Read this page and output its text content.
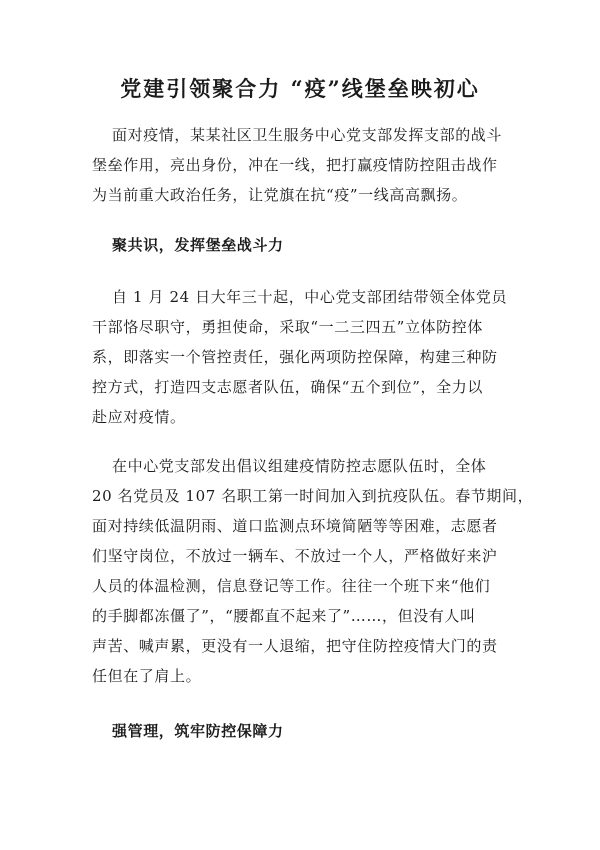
党建引领聚合力 “疫”线堡垒映初心

面对疫情，某某社区卫生服务中心党支部发挥支部的战斗
堡垒作用，亮出身份，冲在一线，把打赢疫情防控阻击战作
为当前重大政治任务，让党旗在抗“疫”一线高高飘扬。

聚共识，发挥堡垒战斗力

自 1 月 24 日大年三十起，中心党支部团结带领全体党员
干部恪尽职守，勇担使命，采取“一二三四五”立体防控体
系，即落实一个管控责任，强化两项防控保障，构建三种防
控方式，打造四支志愿者队伍，确保“五个到位”，全力以
赴应对疫情。

在中心党支部发出倡议组建疫情防控志愿队伍时，全体
20 名党员及 107 名职工第一时间加入到抗疫队伍。春节期间，
面对持续低温阴雨、道口监测点环境简陋等等困难，志愿者
们坚守岗位，不放过一辆车、不放过一个人，严格做好来沪
人员的体温检测，信息登记等工作。往往一个班下来“他们
的手脚都冻僵了”，“腰都直不起来了”……，但没有人叫
声苦、喊声累，更没有一人退缩，把守住防控疫情大门的责
任但在了肩上。

强管理，筑牢防控保障力
